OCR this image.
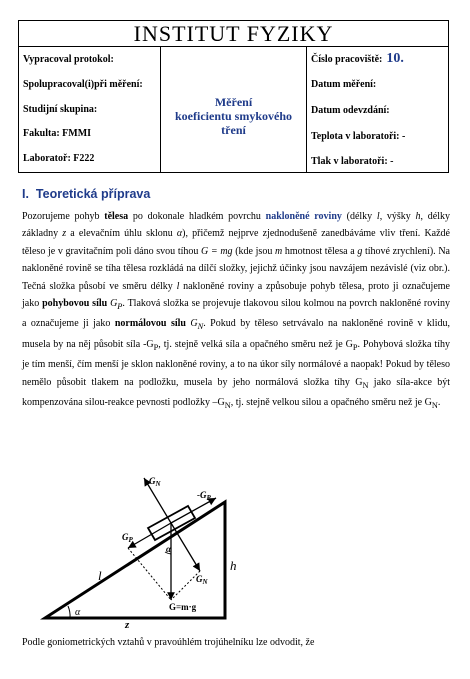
INSTITUT FYZIKY
Vypracoval protokol:
Spolupracoval(i)při měření:
Studijní skupina:
Fakulta: FMMI
Laboratoř: F222
Měření
koeficientu smykového
tření
Číslo pracoviště: 10.
Datum měření:
Datum odevzdání:
Teplota v laboratoři: -
Tlak v laboratoři: -
I. Teoretická příprava
Pozorujeme pohyb tělesa po dokonale hladkém povrchu nakloněné roviny (délky l, výšky h, délky základny z a elevačním úhlu sklonu α), přičemž nejprve zjednodušeně zanedbáváme vliv tření. Každé těleso je v gravitačním poli dáno svou tíhou G = mg (kde jsou m hmotnost tělesa a g tíhové zrychlení). Na nakloněné rovině se tíha tělesa rozkládá na dílčí složky, jejichž účinky jsou navzájem nezávislé (viz obr.). Tečná složka působí ve směru délky l nakloněné roviny a způsobuje pohyb tělesa, proto ji označujeme jako pohybovou sílu $G_P$. Tlaková složka se projevuje tlakovou silou kolmou na povrch nakloněné roviny a označujeme ji jako normálovou sílu $G_N$. Pokud by těleso setrvávalo na nakloněné rovině v klidu, musela by na něj působit síla $-G_P$, tj. stejně velká síla a opačného směru než je $G_P$. Pohybová složka tíhy je tím menší, čím menší je sklon nakloněné roviny, a to na úkor síly normálové a naopak! Pokud by těleso nemělo působit tlakem na podložku, musela by jeho normálová složka tíhy $G_N$ jako síla-akce být kompenzována silou-reakce pevnosti podložky $-G_N$, tj. stejně velkou silou a opačného směru než je $G_N$.
$-G_N$
$-G_P$
$G_P$
$G_N$
α
G=m·g
l
h
z
α
Podle goniometrických vztahů v pravoúhlém trojúhelníku lze odvodit, že
